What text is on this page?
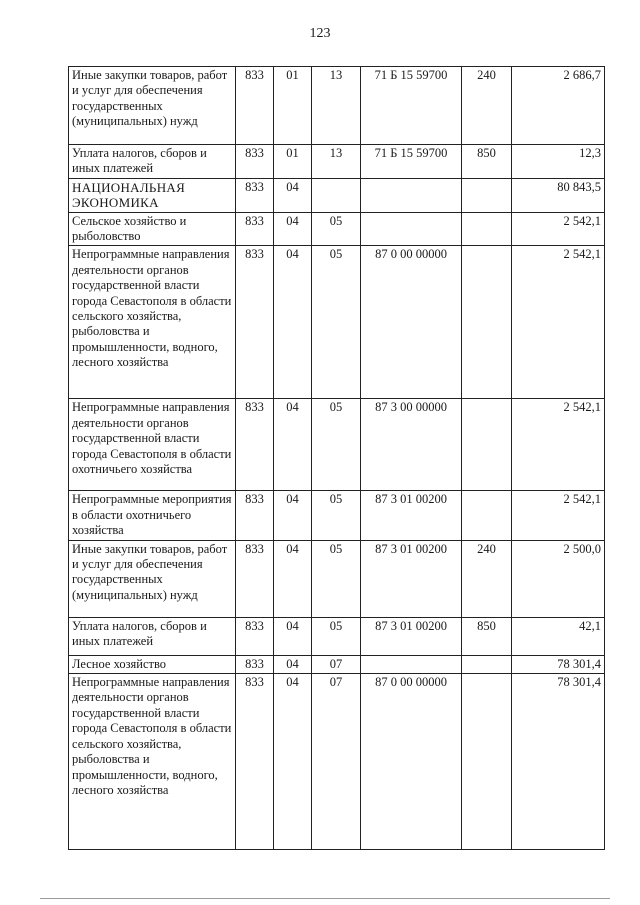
123
Иные закупки товаров, работ и услуг для обеспечения государственных (муниципальных) нужд	833	01	13	71 Б 15 59700	240	2 686,7
Уплата налогов, сборов и иных платежей	833	01	13	71 Б 15 59700	850	12,3
НАЦИОНАЛЬНАЯ ЭКОНОМИКА	833	04				80 843,5
Сельское хозяйство и рыболовство	833	04	05			2 542,1
Непрограммные направления деятельности органов государственной власти города Севастополя в области сельского хозяйства, рыболовства и промышленности, водного, лесного хозяйства	833	04	05	87 0 00 00000		2 542,1
Непрограммные направления деятельности органов государственной власти города Севастополя в области охотничьего хозяйства	833	04	05	87 3 00 00000		2 542,1
Непрограммные мероприятия в области охотничьего хозяйства	833	04	05	87 3 01 00200		2 542,1
Иные закупки товаров, работ и услуг для обеспечения государственных (муниципальных) нужд	833	04	05	87 3 01 00200	240	2 500,0
Уплата налогов, сборов и иных платежей	833	04	05	87 3 01 00200	850	42,1
Лесное хозяйство	833	04	07			78 301,4
Непрограммные направления деятельности органов государственной власти города Севастополя в области сельского хозяйства, рыболовства и промышленности, водного, лесного хозяйства	833	04	07	87 0 00 00000		78 301,4
